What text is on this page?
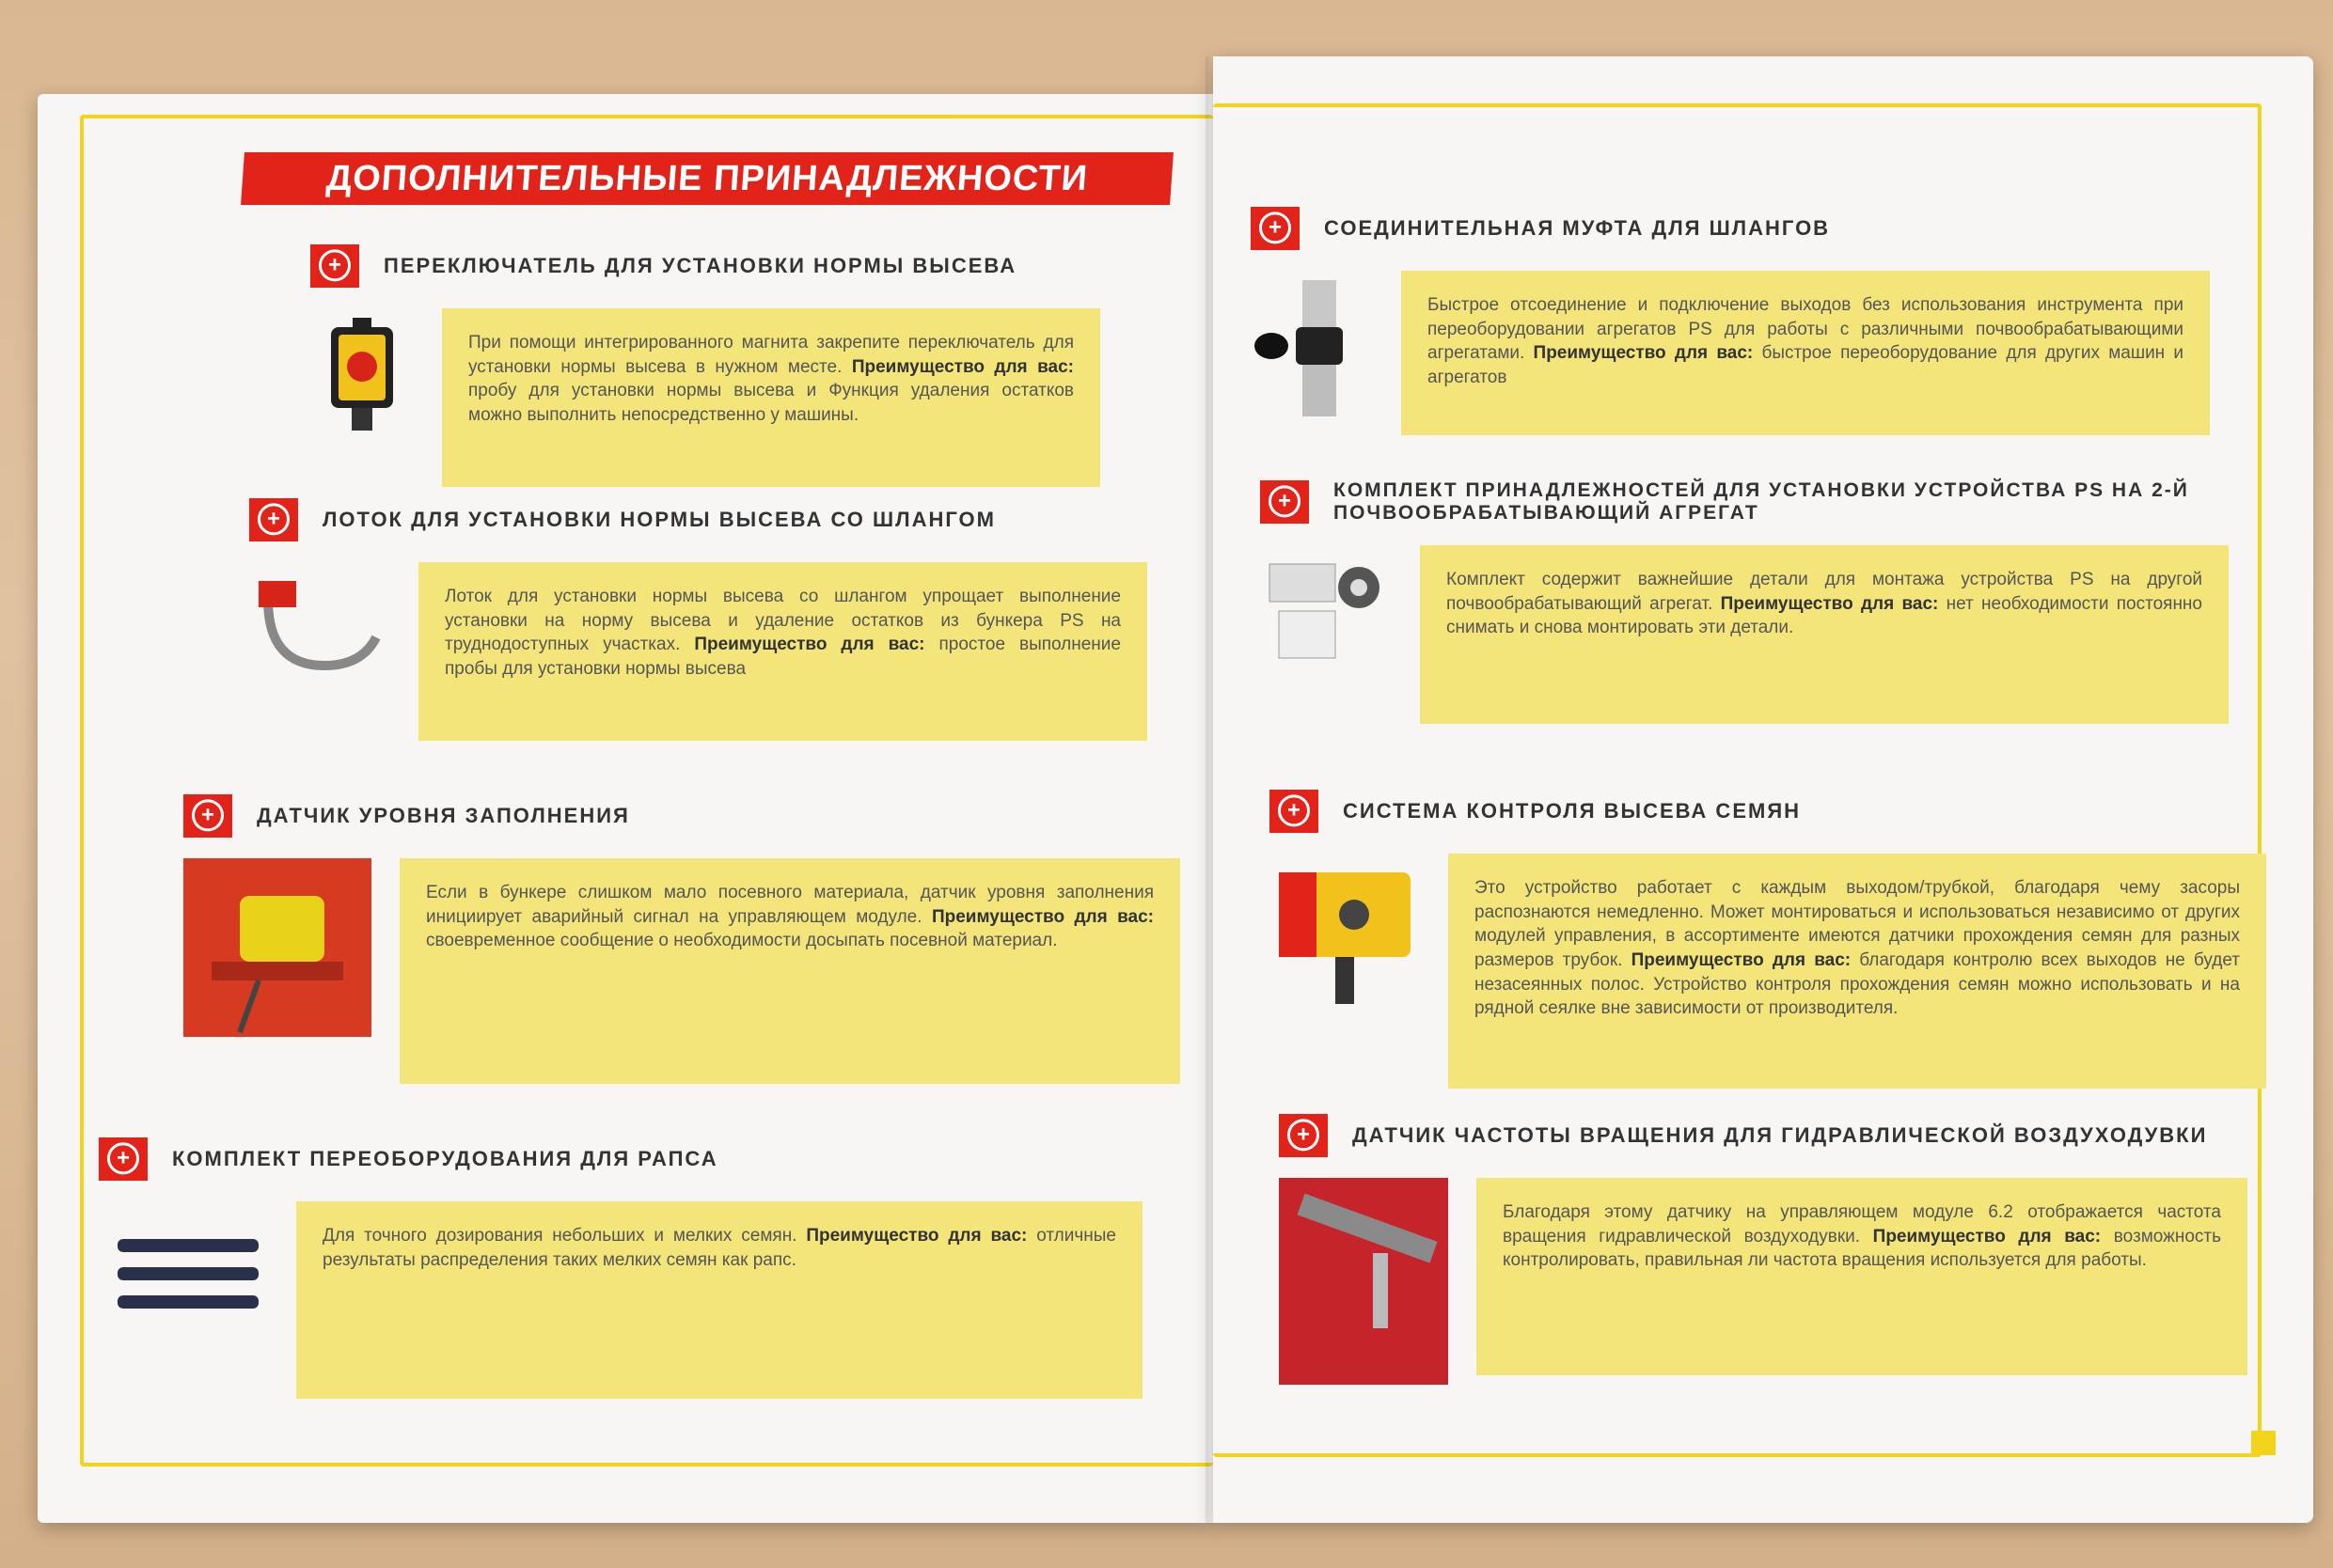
ДОПОЛНИТЕЛЬНЫЕ ПРИНАДЛЕЖНОСТИ
+
ПЕРЕКЛЮЧАТЕЛЬ ДЛЯ УСТАНОВКИ НОРМЫ ВЫСЕВА
При помощи интегрированного магнита закрепите переключатель для установки нормы высева в нужном месте. Преимущество для вас: пробу для установки нормы высева и Функция удаления остатков можно выполнить непосредственно у машины.
+
ЛОТОК ДЛЯ УСТАНОВКИ НОРМЫ ВЫСЕВА СО ШЛАНГОМ
Лоток для установки нормы высева со шлангом упрощает выполнение установки на норму высева и удаление остатков из бункера PS на труднодоступных участках. Преимущество для вас: простое выполнение пробы для установки нормы высева
+
ДАТЧИК УРОВНЯ ЗАПОЛНЕНИЯ
Если в бункере слишком мало посевного материала, датчик уровня заполнения инициирует аварийный сигнал на управляющем модуле. Преимущество для вас: своевременное сообщение о необходимости досыпать посевной материал.
+
КОМПЛЕКТ ПЕРЕОБОРУДОВАНИЯ ДЛЯ РАПСА
Для точного дозирования небольших и мелких семян. Преимущество для вас: отличные результаты распределения таких мелких семян как рапс.
+
СОЕДИНИТЕЛЬНАЯ МУФТА ДЛЯ ШЛАНГОВ
Быстрое отсоединение и подключение выходов без использования инструмента при переоборудовании агрегатов PS для работы с различными почвообрабатывающими агрегатами. Преимущество для вас: быстрое переоборудование для других машин и агрегатов
+
КОМПЛЕКТ ПРИНАДЛЕЖНОСТЕЙ ДЛЯ УСТАНОВКИ УСТРОЙСТВА PS НА 2-Й ПОЧВООБРАБАТЫВАЮЩИЙ АГРЕГАТ
Комплект содержит важнейшие детали для монтажа устройства PS на другой почвообрабатывающий агрегат. Преимущество для вас: нет необходимости постоянно снимать и снова монтировать эти детали.
+
СИСТЕМА КОНТРОЛЯ ВЫСЕВА СЕМЯН
Это устройство работает с каждым выходом/трубкой, благодаря чему засоры распознаются немедленно. Может монтироваться и использоваться независимо от других модулей управления, в ассортименте имеются датчики прохождения семян для разных размеров трубок. Преимущество для вас: благодаря контролю всех выходов не будет незасеянных полос. Устройство контроля прохождения семян можно использовать и на рядной сеялке вне зависимости от производителя.
+
ДАТЧИК ЧАСТОТЫ ВРАЩЕНИЯ ДЛЯ ГИДРАВЛИЧЕСКОЙ ВОЗДУХОДУВКИ
Благодаря этому датчику на управляющем модуле 6.2 отображается частота вращения гидравлической воздуходувки. Преимущество для вас: возможность контролировать, правильная ли частота вращения используется для работы.
